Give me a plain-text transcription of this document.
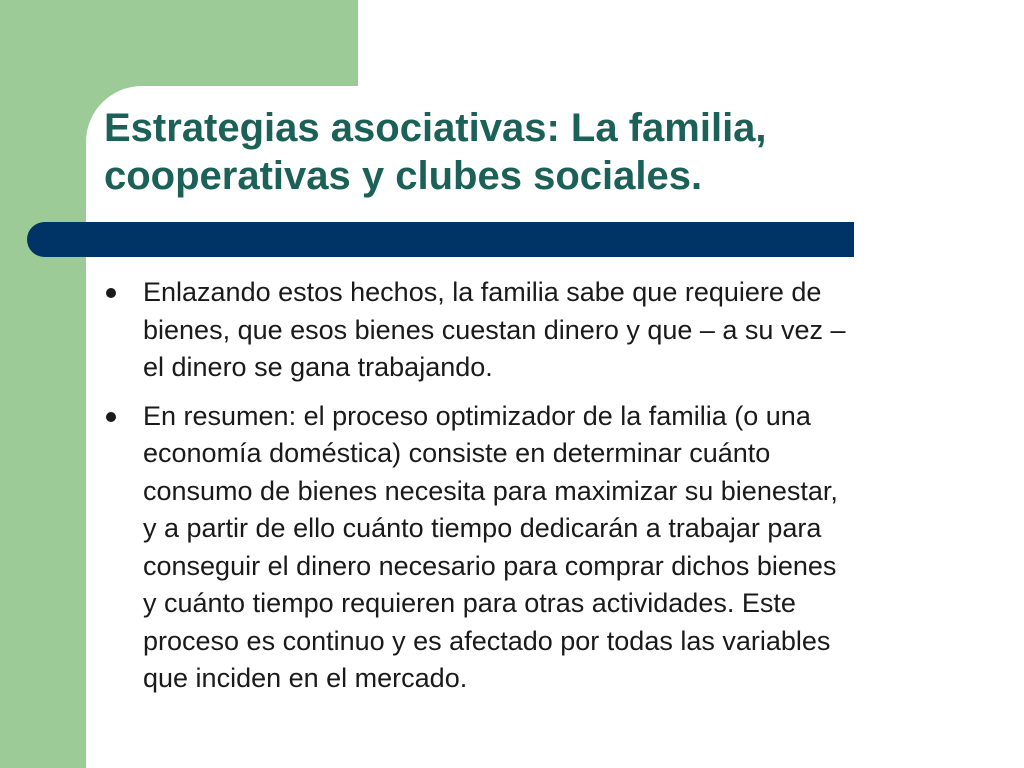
Estrategias asociativas: La familia,
cooperativas y clubes sociales.
Enlazando estos hechos, la familia sabe que requiere de
bienes, que esos bienes cuestan dinero y que – a su vez –
el dinero se gana trabajando.
En resumen: el proceso optimizador de la familia (o una
economía doméstica) consiste en determinar cuánto
consumo de bienes necesita para maximizar su bienestar,
y a partir de ello cuánto tiempo dedicarán a trabajar para
conseguir el dinero necesario para comprar dichos bienes
y cuánto tiempo requieren para otras actividades. Este
proceso es continuo y es afectado por todas las variables
que inciden en el mercado.
